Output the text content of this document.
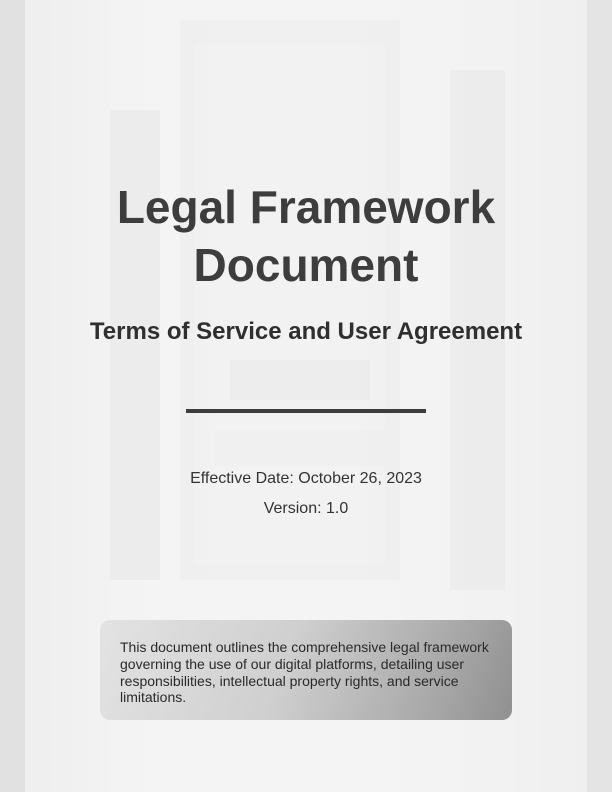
Legal Framework
Document
Terms of Service and User Agreement
Effective Date: October 26, 2023
Version: 1.0

This document outlines the comprehensive legal framework governing the use of our digital platforms, detailing user responsibilities, intellectual property rights, and service limitations.
